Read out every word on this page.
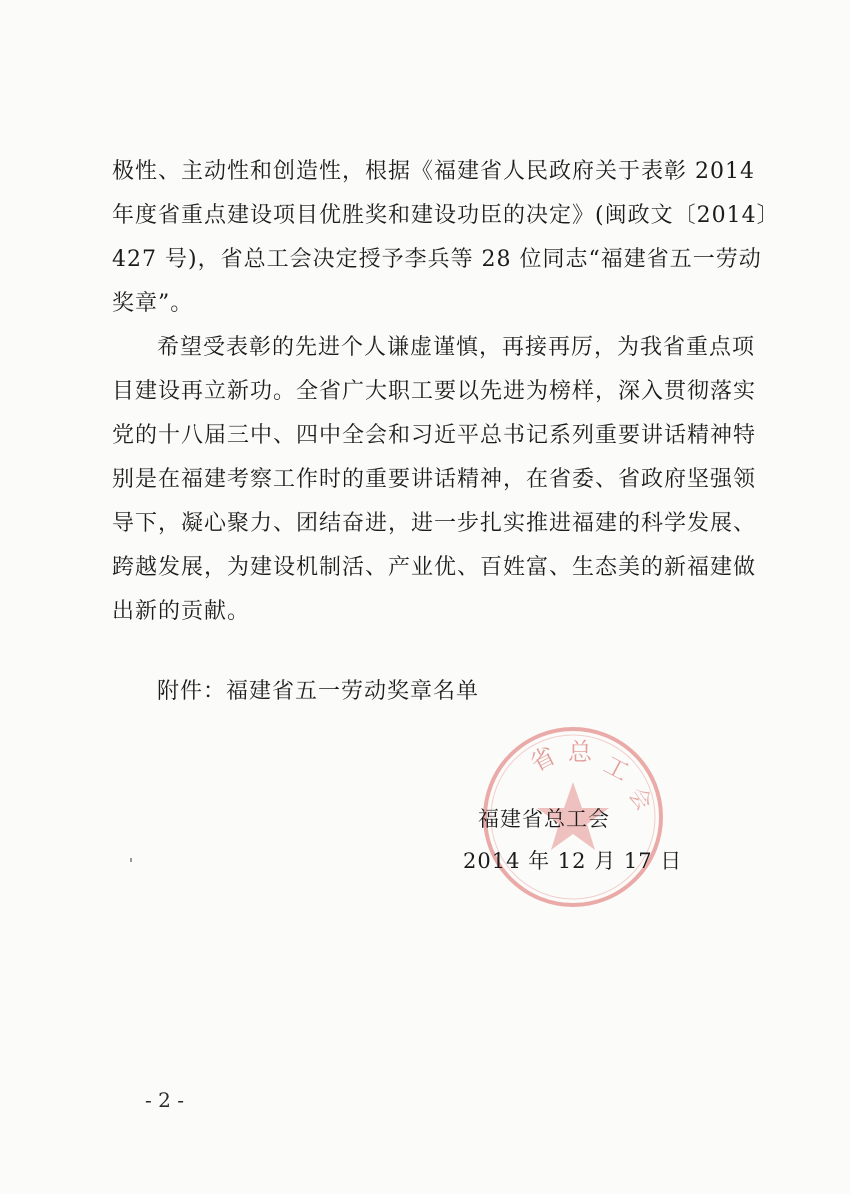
极性、主动性和创造性，根据《福建省人民政府关于表彰 2014
年度省重点建设项目优胜奖和建设功臣的决定》(闽政文〔2014〕
427 号)，省总工会决定授予李兵等 28 位同志“福建省五一劳动
奖章”。
希望受表彰的先进个人谦虚谨慎，再接再厉，为我省重点项
目建设再立新功。全省广大职工要以先进为榜样，深入贯彻落实
党的十八届三中、四中全会和习近平总书记系列重要讲话精神特
别是在福建考察工作时的重要讲话精神，在省委、省政府坚强领
导下，凝心聚力、团结奋进，进一步扎实推进福建的科学发展、
跨越发展，为建设机制活、产业优、百姓富、生态美的新福建做
出新的贡献。
附件：福建省五一劳动奖章名单
省 总 工
会
福建省总工会
2014 年 12 月 17 日
- 2 -
